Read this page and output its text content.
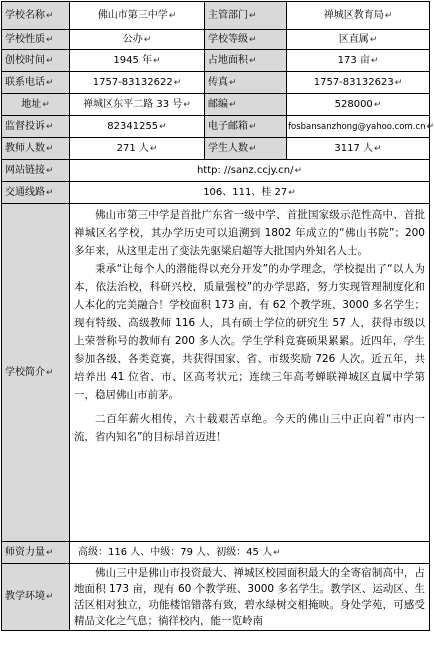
学校名称↵	佛山市第三中学↵	主管部门↵	禅城区教育局↵
学校性质↵	公办↵	学校等级↵	区直属↵
创校时间↵	1945 年↵	占地面积↵	173 亩↵
联系电话↵	1757-83132622↵	传真↵	1757-83132623↵
地址↵	禅城区东平二路 33 号↵	邮编↵	528000↵
监督投诉↵	82341255↵	电子邮箱↵	fosbansanzhong@yahoo.com.cn↵
教师人数↵	271 人↵	学生人数↵	3117 人↵
网站链接↵	http: //sanz.ccjy.cn/↵		
交通线路↵	106、111、桂 27↵		
学校简介↵	佛山市第三中学是首批广东省一级中学、首批国家级示范性高中、首批禅城区名学校，其办学历史可以追溯到 1802 年成立的“佛山书院”；200 多年来，从这里走出了变法先驱梁启超等大批国内外知名人士。

秉承“让每个人的潜能得以充分开发”的办学理念，学校提出了“以人为本，依法治校，科研兴校，质量强校”的办学思路，努力实现管理制度化和人本化的完美融合！学校面积 173 亩，有 62 个教学班、3000 多名学生；现有特级、高级教师 116 人，具有硕士学位的研究生 57 人，获得市级以上荣誉称号的教师有 200 多人次。学生学科竞赛硕果累累。近四年，学生参加各级、各类竞赛，共获得国家、省、市级奖励 726 人次。近五年，共培养出 41 位省、市、区高考状元；连续三年高考蝉联禅城区直属中学第一，稳居佛山市前茅。

二百年薪火相传，六十载艰苦卓绝。今天的佛山三中正向着“市内一流，省内知名”的目标昂首迈进！		

师资力量↵	高级：116 人、中级：79 人、初级：45 人↵		
教学环境↵	佛山三中是佛山市投资最大、禅城区校园面积最大的全寄宿制高中，占地面积 173 亩，现有 60 个教学班、3000 多名学生。教学区、运动区、生活区相对独立，功能楼馆错落有致，碧水绿树交相掩映。身处学苑，可感受精品文化之气息；徜徉校内，能一览岭南		
